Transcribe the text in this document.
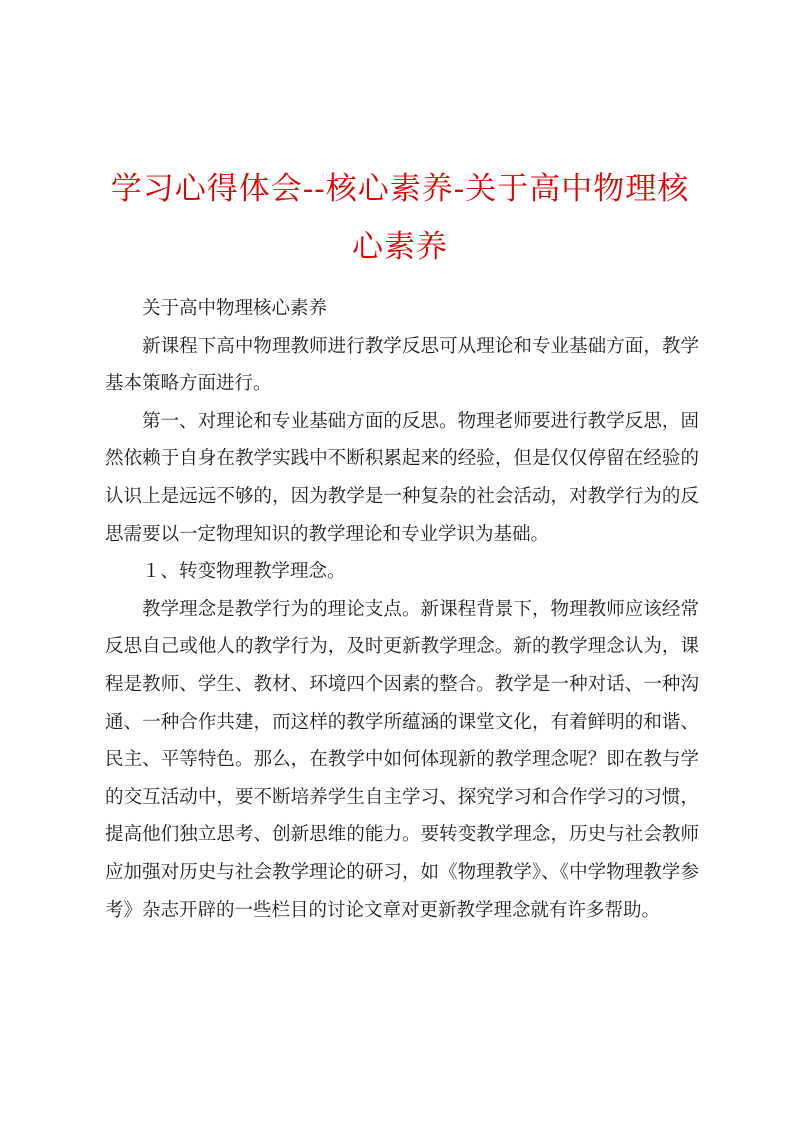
学习心得体会--核心素养-关于高中物理核心素养

关于高中物理核心素养

新课程下高中物理教师进行教学反思可从理论和专业基础方面，教学基本策略方面进行。

第一、对理论和专业基础方面的反思。物理老师要进行教学反思，固然依赖于自身在教学实践中不断积累起来的经验，但是仅仅停留在经验的认识上是远远不够的，因为教学是一种复杂的社会活动，对教学行为的反思需要以一定物理知识的教学理论和专业学识为基础。

１、转变物理教学理念。

教学理念是教学行为的理论支点。新课程背景下，物理教师应该经常反思自己或他人的教学行为，及时更新教学理念。新的教学理念认为，课程是教师、学生、教材、环境四个因素的整合。教学是一种对话、一种沟通、一种合作共建，而这样的教学所蕴涵的课堂文化，有着鲜明的和谐、民主、平等特色。那么，在教学中如何体现新的教学理念呢？即在教与学的交互活动中，要不断培养学生自主学习、探究学习和合作学习的习惯，提高他们独立思考、创新思维的能力。要转变教学理念，历史与社会教师应加强对历史与社会教学理论的研习，如《物理教学》、《中学物理教学参考》杂志开辟的一些栏目的讨论文章对更新教学理念就有许多帮助。
